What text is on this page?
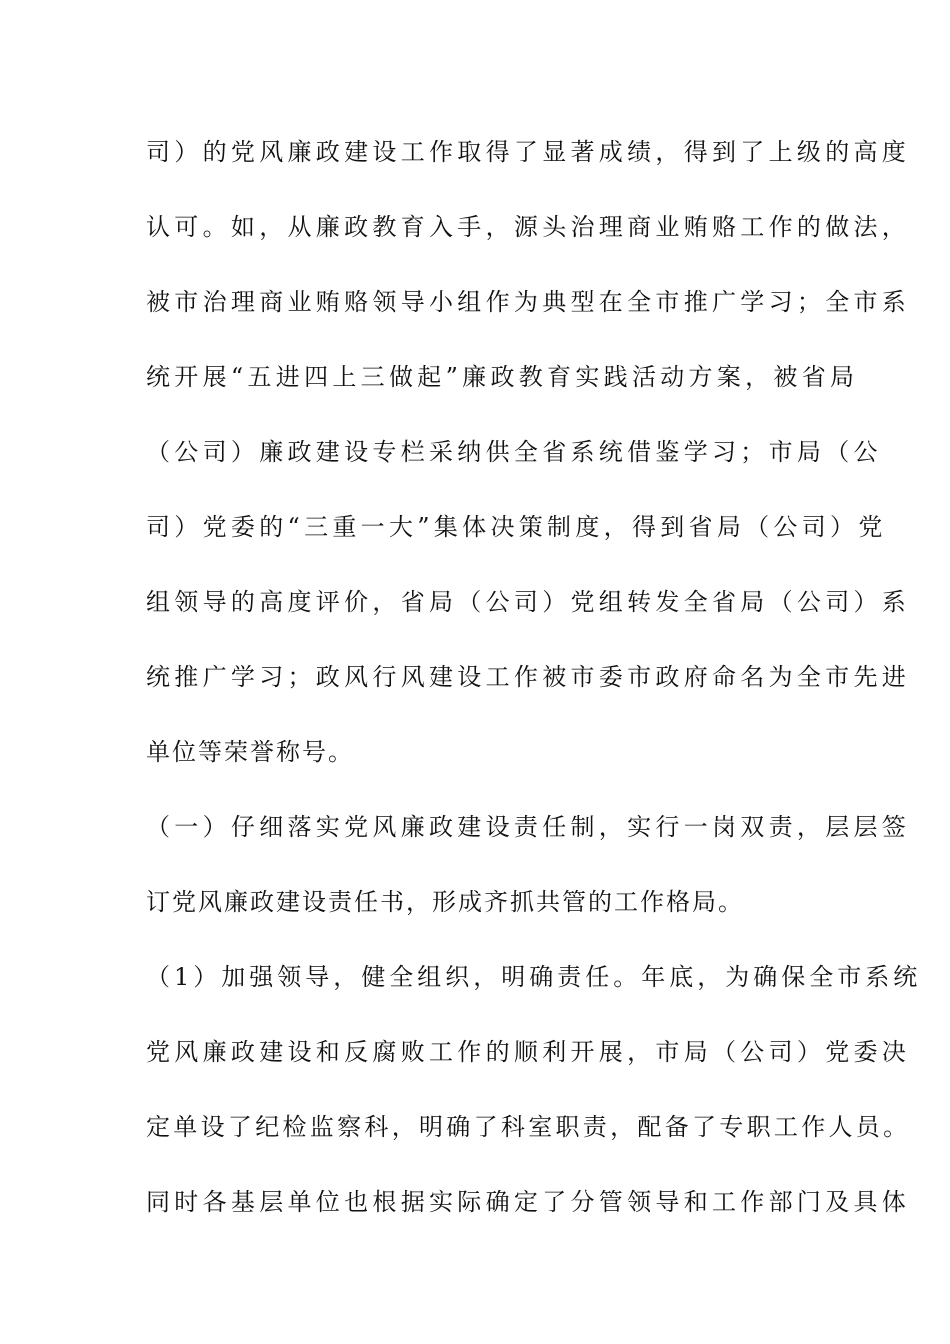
司）的党风廉政建设工作取得了显著成绩，得到了上级的高度
认可。如，从廉政教育入手，源头治理商业贿赂工作的做法，
被市治理商业贿赂领导小组作为典型在全市推广学习；全市系
统开展“五进四上三做起”廉政教育实践活动方案，被省局
（公司）廉政建设专栏采纳供全省系统借鉴学习；市局（公
司）党委的“三重一大”集体决策制度，得到省局（公司）党
组领导的高度评价，省局（公司）党组转发全省局（公司）系
统推广学习；政风行风建设工作被市委市政府命名为全市先进
单位等荣誉称号。
（一）仔细落实党风廉政建设责任制，实行一岗双责，层层签
订党风廉政建设责任书，形成齐抓共管的工作格局。
（1）加强领导，健全组织，明确责任。年底，为确保全市系统
党风廉政建设和反腐败工作的顺利开展，市局（公司）党委决
定单设了纪检监察科，明确了科室职责，配备了专职工作人员。
同时各基层单位也根据实际确定了分管领导和工作部门及具体
